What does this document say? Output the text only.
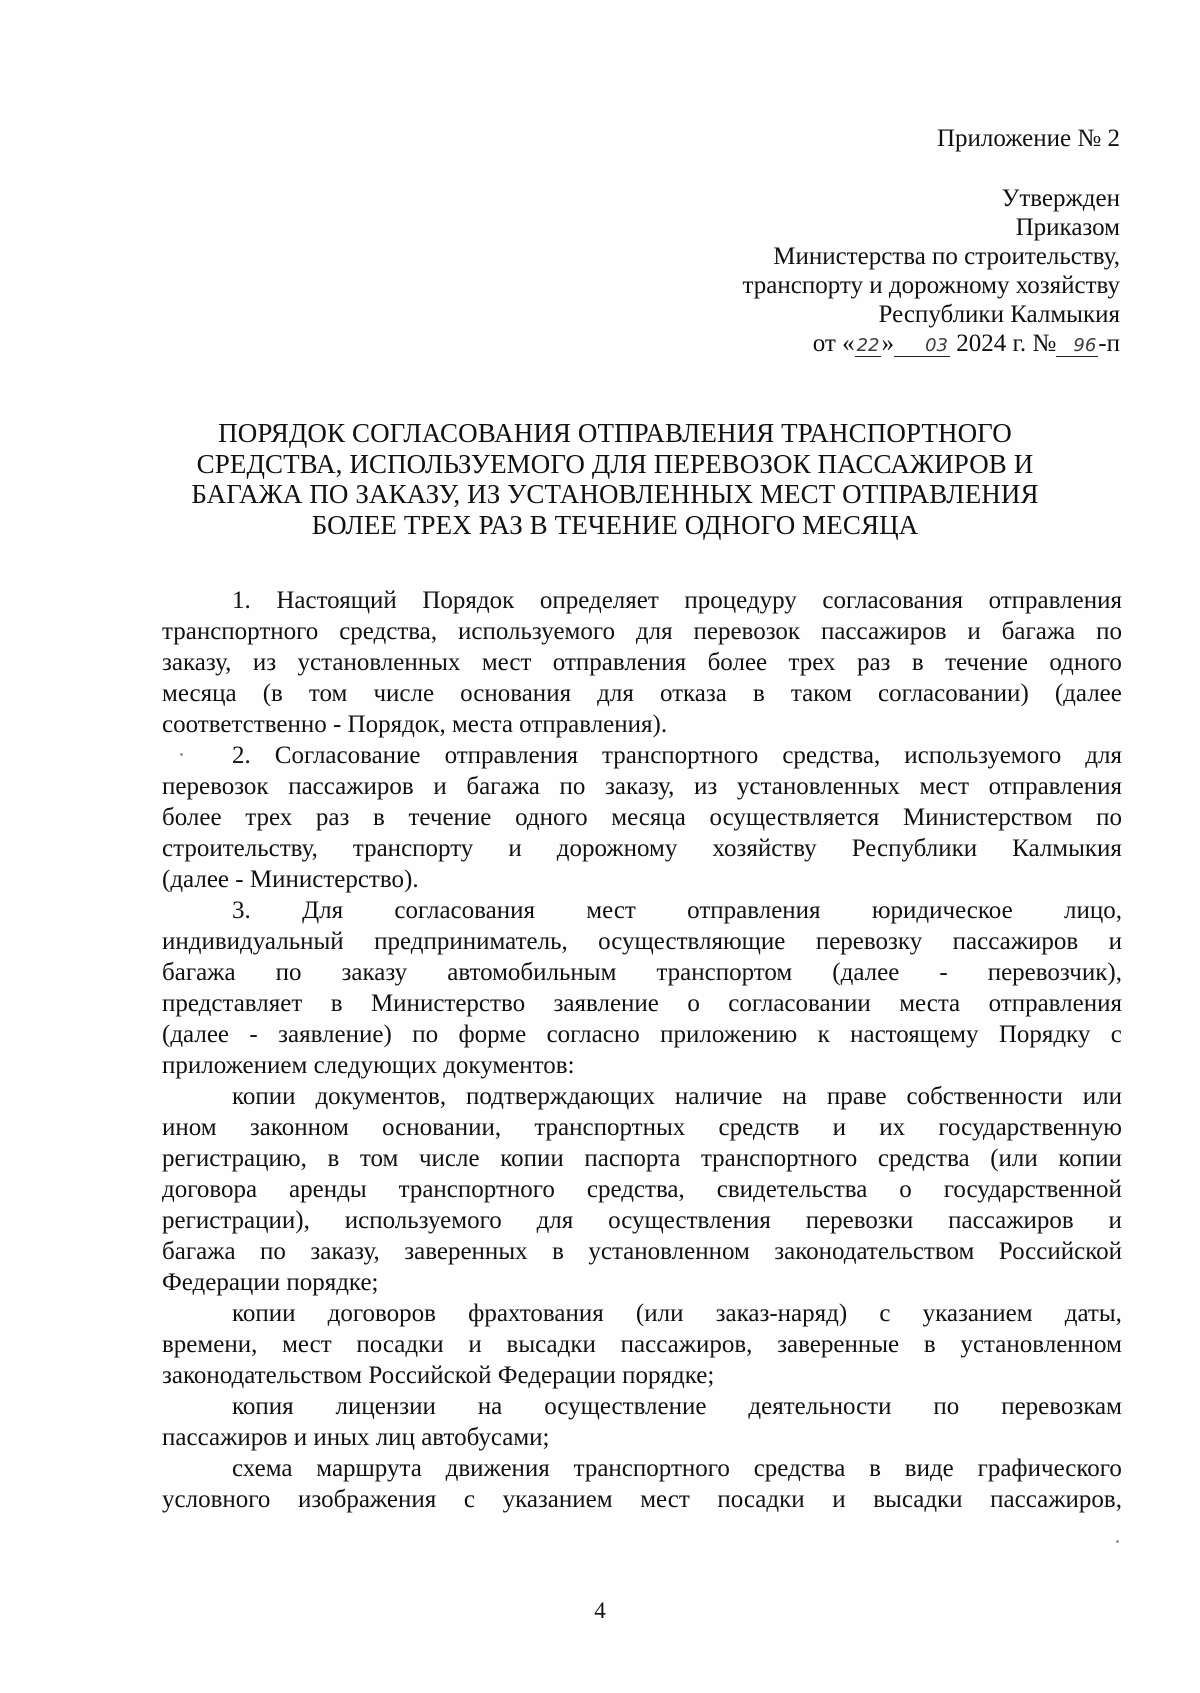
Приложение № 2
Утвержден
Приказом
Министерства по строительству,
транспорту и дорожному хозяйству
Республики Калмыкия
от « 22» 03 2024 г. № 96-п
ПОРЯДОК СОГЛАСОВАНИЯ ОТПРАВЛЕНИЯ ТРАНСПОРТНОГО
СРЕДСТВА, ИСПОЛЬЗУЕМОГО ДЛЯ ПЕРЕВОЗОК ПАССАЖИРОВ И
БАГАЖА ПО ЗАКАЗУ, ИЗ УСТАНОВЛЕННЫХ МЕСТ ОТПРАВЛЕНИЯ
БОЛЕЕ ТРЕХ РАЗ В ТЕЧЕНИЕ ОДНОГО МЕСЯЦА
1. Настоящий Порядок определяет процедуру согласования отправления
транспортного средства, используемого для перевозок пассажиров и багажа по
заказу, из установленных мест отправления более трех раз в течение одного
месяца (в том числе основания для отказа в таком согласовании) (далее
соответственно - Порядок, места отправления).
2. Согласование отправления транспортного средства, используемого для
перевозок пассажиров и багажа по заказу, из установленных мест отправления
более трех раз в течение одного месяца осуществляется Министерством по
строительству, транспорту и дорожному хозяйству Республики Калмыкия
(далее - Министерство).
3. Для согласования мест отправления юридическое лицо,
индивидуальный предприниматель, осуществляющие перевозку пассажиров и
багажа по заказу автомобильным транспортом (далее - перевозчик),
представляет в Министерство заявление о согласовании места отправления
(далее - заявление) по форме согласно приложению к настоящему Порядку с
приложением следующих документов:
копии документов, подтверждающих наличие на праве собственности или
ином законном основании, транспортных средств и их государственную
регистрацию, в том числе копии паспорта транспортного средства (или копии
договора аренды транспортного средства, свидетельства о государственной
регистрации), используемого для осуществления перевозки пассажиров и
багажа по заказу, заверенных в установленном законодательством Российской
Федерации порядке;
копии договоров фрахтования (или заказ-наряд) с указанием даты,
времени, мест посадки и высадки пассажиров, заверенные в установленном
законодательством Российской Федерации порядке;
копия лицензии на осуществление деятельности по перевозкам
пассажиров и иных лиц автобусами;
схема маршрута движения транспортного средства в виде графического
условного изображения с указанием мест посадки и высадки пассажиров,
4
